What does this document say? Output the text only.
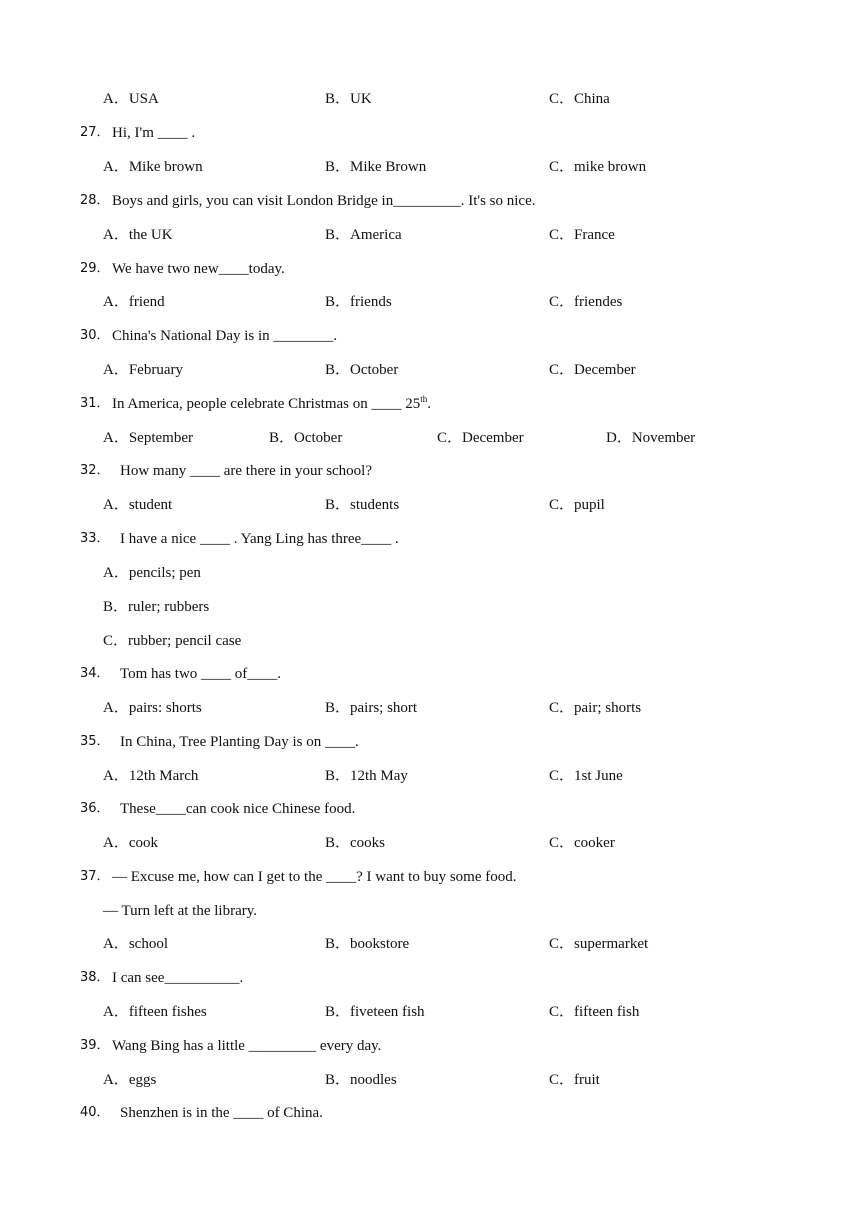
A．USA	B．UK	C．China
27． Hi, I'm ____ .
A．Mike brown	B．Mike Brown	C．mike brown
28． Boys and girls, you can visit London Bridge in_________. It's so nice.
A．the UK	B．America	C．France
29． We have two new____today.
A．friend	B．friends	C．friendes
30． China's National Day is in ________.
A．February	B．October	C．December
31． In America, people celebrate Christmas on ____ 25th.
A．September	B．October	C．December	D．November
32． How many ____ are there in your school?
A．student	B．students	C．pupil
33． I have a nice ____ . Yang Ling has three____ .
A．pencils; pen
B．ruler; rubbers
C．rubber; pencil case
34． Tom has two ____ of____.
A．pairs: shorts	B．pairs; short	C．pair; shorts
35． In China, Tree Planting Day is on ____.
A．12th March	B．12th May	C．1st June
36． These____can cook nice Chinese food.
A．cook	B．cooks	C．cooker
37． — Excuse me, how can I get to the ____? I want to buy some food.
— Turn left at the library.
A．school	B．bookstore	C．supermarket
38． I can see__________.
A．fifteen fishes	B．fiveteen fish	C．fifteen fish
39． Wang Bing has a little _________ every day.
A．eggs	B．noodles	C．fruit
40． Shenzhen is in the ____ of China.
